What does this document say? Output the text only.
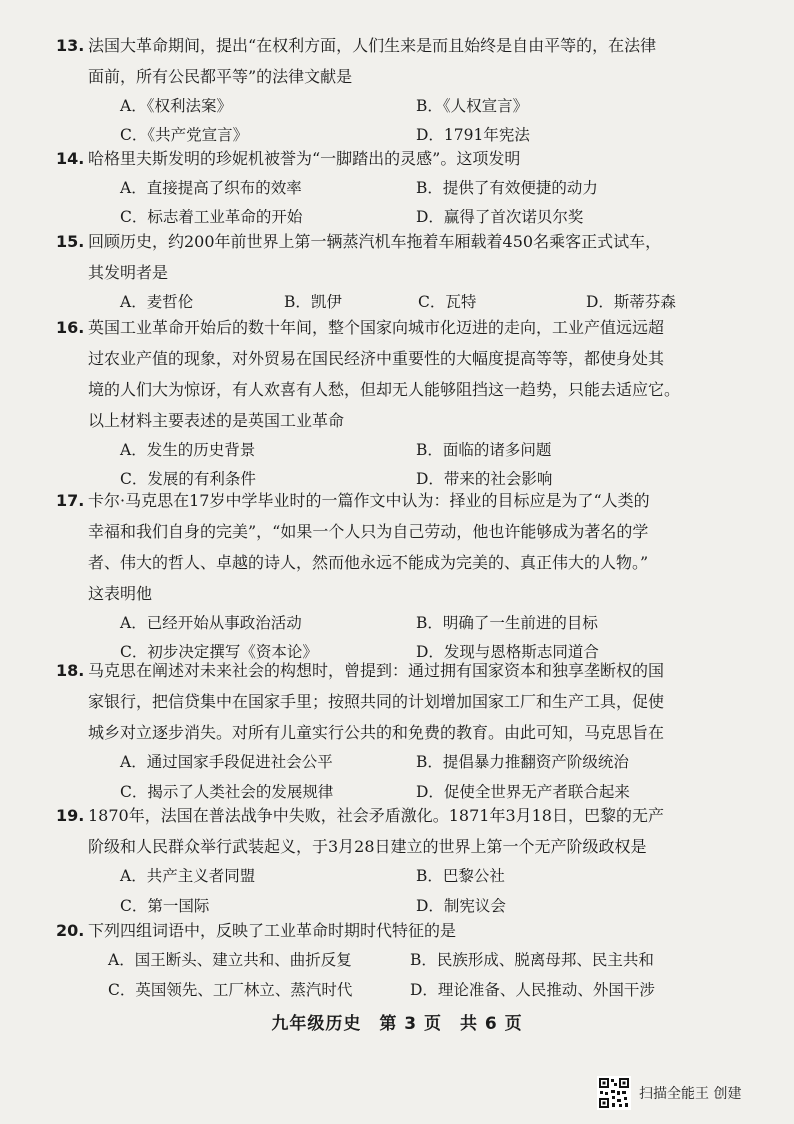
13. 法国大革命期间，提出“在权利方面，人们生来是而且始终是自由平等的，在法律
面前，所有公民都平等”的法律文献是
A．《权利法案》	B．《人权宣言》
C．《共产党宣言》	D．1791年宪法
14. 哈格里夫斯发明的珍妮机被誉为“一脚踏出的灵感”。这项发明
A．直接提高了织布的效率	B．提供了有效便捷的动力
C．标志着工业革命的开始	D．赢得了首次诺贝尔奖
15. 回顾历史，约200年前世界上第一辆蒸汽机车拖着车厢载着450名乘客正式试车，
其发明者是
A．麦哲伦	B．凯伊	C．瓦特	D．斯蒂芬森
16. 英国工业革命开始后的数十年间，整个国家向城市化迈进的走向，工业产值远远超
过农业产值的现象，对外贸易在国民经济中重要性的大幅度提高等等，都使身处其
境的人们大为惊讶，有人欢喜有人愁，但却无人能够阻挡这一趋势，只能去适应它。
以上材料主要表述的是英国工业革命
A．发生的历史背景	B．面临的诸多问题
C．发展的有利条件	D．带来的社会影响
17. 卡尔·马克思在17岁中学毕业时的一篇作文中认为：择业的目标应是为了“人类的
幸福和我们自身的完美”，“如果一个人只为自己劳动，他也许能够成为著名的学
者、伟大的哲人、卓越的诗人，然而他永远不能成为完美的、真正伟大的人物。”
这表明他
A．已经开始从事政治活动	B．明确了一生前进的目标
C．初步决定撰写《资本论》	D．发现与恩格斯志同道合
18. 马克思在阐述对未来社会的构想时，曾提到：通过拥有国家资本和独享垄断权的国
家银行，把信贷集中在国家手里；按照共同的计划增加国家工厂和生产工具，促使
城乡对立逐步消失。对所有儿童实行公共的和免费的教育。由此可知，马克思旨在
A．通过国家手段促进社会公平	B．提倡暴力推翻资产阶级统治
C．揭示了人类社会的发展规律	D．促使全世界无产者联合起来
19. 1870年，法国在普法战争中失败，社会矛盾激化。1871年3月18日，巴黎的无产
阶级和人民群众举行武装起义，于3月28日建立的世界上第一个无产阶级政权是
A．共产主义者同盟	B．巴黎公社
C．第一国际	D．制宪议会
20. 下列四组词语中，反映了工业革命时期时代特征的是
A．国王断头、建立共和、曲折反复	B．民族形成、脱离母邦、民主共和
C．英国领先、工厂林立、蒸汽时代	D．理论准备、人民推动、外国干涉
九年级历史　第 3 页　共 6 页
扫描全能王 创建
